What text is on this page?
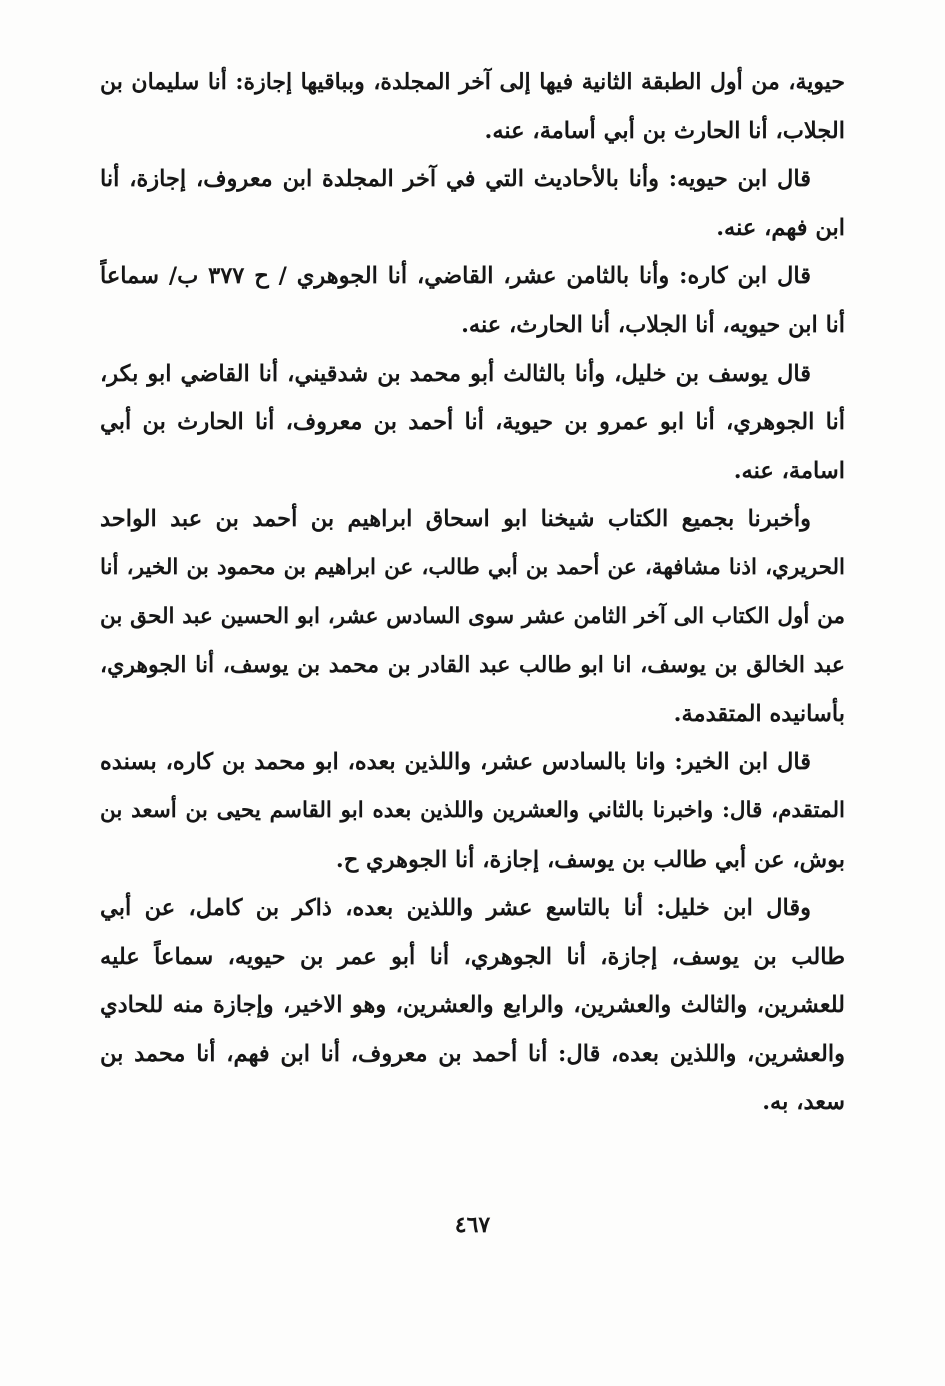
حيوية، من أول الطبقة الثانية فيها إلى آخر المجلدة، وبباقيها إجازة: أنا سليمان بن
الجلاب، أنا الحارث بن أبي أسامة، عنه.

قال ابن حيويه: وأنا بالأحاديث التي في آخر المجلدة ابن معروف، إجازة، أنا
ابن فهم، عنه.

قال ابن كاره: وأنا بالثامن عشر، القاضي، أنا الجوهري / ح ٣٧٧ ب/ سماعاً
أنا ابن حيويه، أنا الجلاب، أنا الحارث، عنه.

قال يوسف بن خليل، وأنا بالثالث أبو محمد بن شدقيني، أنا القاضي ابو بكر،
أنا الجوهري، أنا ابو عمرو بن حيوية، أنا أحمد بن معروف، أنا الحارث بن أبي
اسامة، عنه.

وأخبرنا بجميع الكتاب شيخنا ابو اسحاق ابراهيم بن أحمد بن عبد الواحد
الحريري، اذنا مشافهة، عن أحمد بن أبي طالب، عن ابراهيم بن محمود بن الخير، أنا
من أول الكتاب الى آخر الثامن عشر سوى السادس عشر، ابو الحسين عبد الحق بن
عبد الخالق بن يوسف، انا ابو طالب عبد القادر بن محمد بن يوسف، أنا الجوهري،
بأسانيده المتقدمة.

قال ابن الخير: وانا بالسادس عشر، واللذين بعده، ابو محمد بن كاره، بسنده
المتقدم، قال: واخبرنا بالثاني والعشرين واللذين بعده ابو القاسم يحيى بن أسعد بن
بوش، عن أبي طالب بن يوسف، إجازة، أنا الجوهري ح.

وقال ابن خليل: أنا بالتاسع عشر واللذين بعده، ذاكر بن كامل، عن أبي
طالب بن يوسف، إجازة، أنا الجوهري، أنا أبو عمر بن حيويه، سماعاً عليه
للعشرين، والثالث والعشرين، والرابع والعشرين، وهو الاخير، وإجازة منه للحادي
والعشرين، واللذين بعده، قال: أنا أحمد بن معروف، أنا ابن فهم، أنا محمد بن
سعد، به.

٤٦٧
